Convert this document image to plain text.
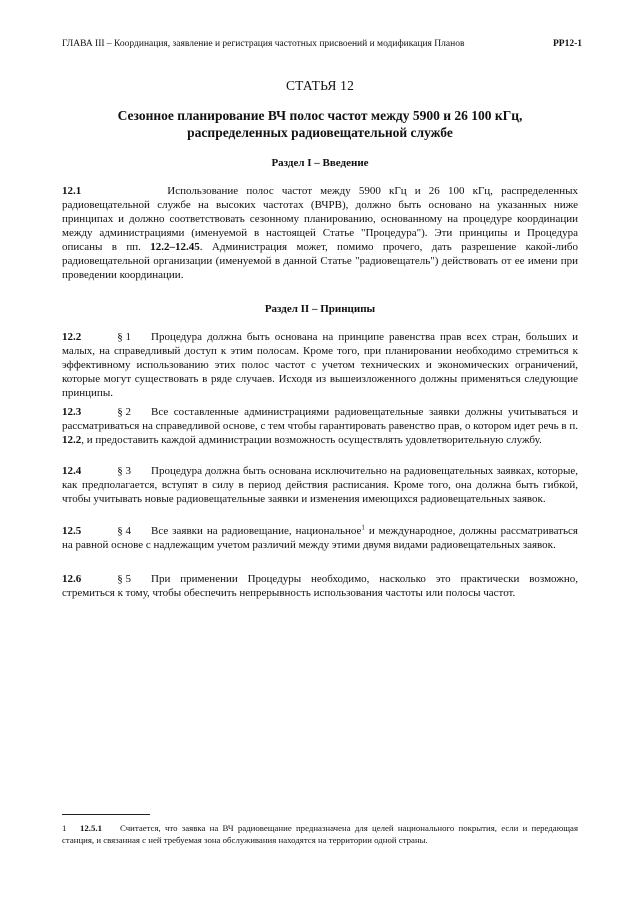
ГЛАВА III – Координация, заявление и регистрация частотных присвоений и модификация Планов	PP12-1
СТАТЬЯ 12
Сезонное планирование ВЧ полос частот между 5900 и 26 100 кГц,
распределенных радиовещательной службе
Раздел I – Введение
12.1	Использование полос частот между 5900 кГц и 26 100 кГц, распределенных радиовещательной службе на высоких частотах (ВЧРВ), должно быть основано на указанных ниже принципах и должно соответствовать сезонному планированию, основанному на процедуре координации между администрациями (именуемой в настоящей Статье "Процедура"). Эти принципы и Процедура описаны в пп. 12.2–12.45. Администрация может, помимо прочего, дать разрешение какой-либо радиовещательной организации (именуемой в данной Статье "радиовещатель") действовать от ее имени при проведении координации.
Раздел II – Принципы
12.2	§ 1 Процедура должна быть основана на принципе равенства прав всех стран, больших и малых, на справедливый доступ к этим полосам. Кроме того, при планировании необходимо стремиться к эффективному использованию этих полос частот с учетом технических и экономических ограничений, которые могут существовать в ряде случаев. Исходя из вышеизложенного должны применяться следующие принципы.
12.3	§ 2 Все составленные администрациями радиовещательные заявки должны учитываться и рассматриваться на справедливой основе, с тем чтобы гарантировать равенство прав, о котором идет речь в п. 12.2, и предоставить каждой администрации возможность осуществлять удовлетворительную службу.
12.4	§ 3 Процедура должна быть основана исключительно на радиовещательных заявках, которые, как предполагается, вступят в силу в период действия расписания. Кроме того, она должна быть гибкой, чтобы учитывать новые радиовещательные заявки и изменения имеющихся радиовещательных заявок.
12.5	§ 4 Все заявки на радиовещание, национальное$^1$ и международное, должны рассматриваться на равной основе с надлежащим учетом различий между этими двумя видами радиовещательных заявок.
12.6	§ 5 При применении Процедуры необходимо, насколько это практически возможно, стремиться к тому, чтобы обеспечить непрерывность использования частоты или полосы частот.
1 12.5.1 Считается, что заявка на ВЧ радиовещание предназначена для целей национального покрытия, если и передающая станция, и связанная с ней требуемая зона обслуживания находятся на территории одной страны.
